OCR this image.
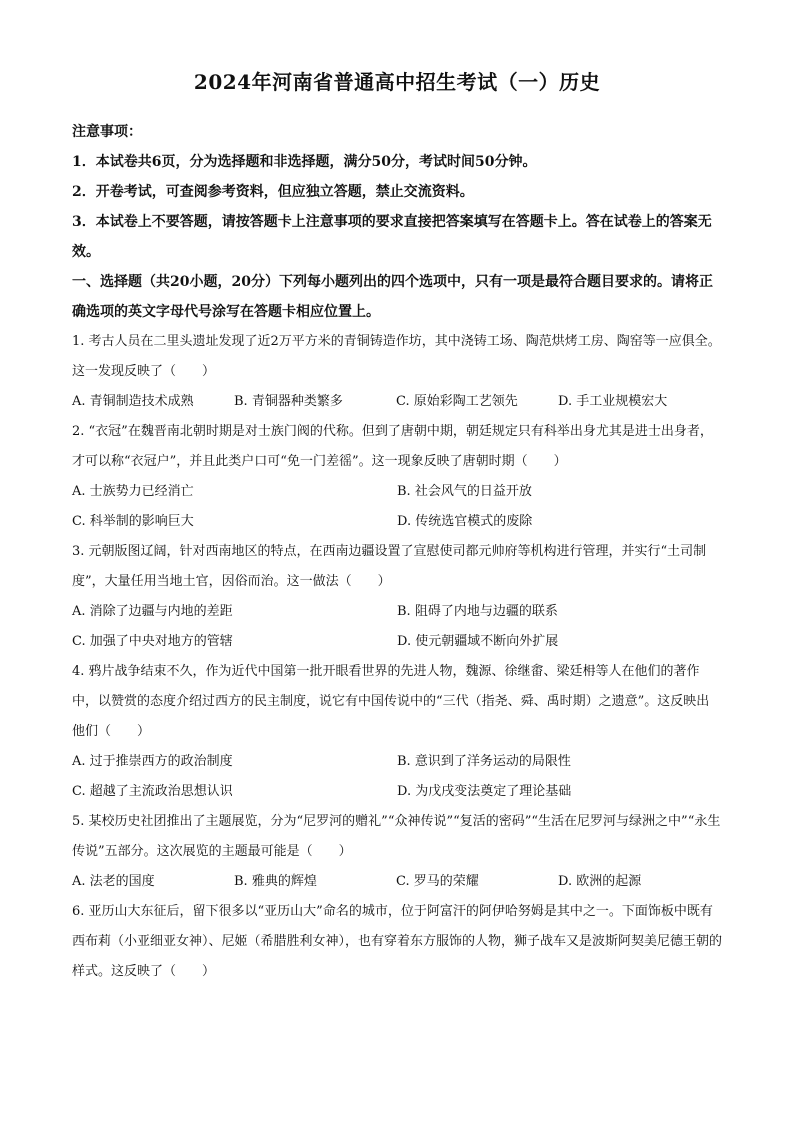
2024年河南省普通高中招生考试（一）历史

注意事项：

1．本试卷共6页，分为选择题和非选择题，满分50分，考试时间50分钟。

2．开卷考试，可查阅参考资料，但应独立答题，禁止交流资料。

3．本试卷上不要答题，请按答题卡上注意事项的要求直接把答案填写在答题卡上。答在试卷上的答案无效。

一、选择题（共20小题，20分）下列每小题列出的四个选项中，只有一项是最符合题目要求的。请将正确选项的英文字母代号涂写在答题卡相应位置上。

1. 考古人员在二里头遗址发现了近2万平方米的青铜铸造作坊，其中浇铸工场、陶范烘烤工房、陶窑等一应俱全。这一发现反映了（　　）

A. 青铜制造技术成熟	B. 青铜器种类繁多	C. 原始彩陶工艺领先	D. 手工业规模宏大

2. “衣冠”在魏晋南北朝时期是对士族门阀的代称。但到了唐朝中期，朝廷规定只有科举出身尤其是进士出身者，才可以称“衣冠户”，并且此类户口可“免一门差徭”。这一现象反映了唐朝时期（　　）

A. 士族势力已经消亡	B. 社会风气的日益开放
C. 科举制的影响巨大	D. 传统选官模式的废除

3. 元朝版图辽阔，针对西南地区的特点，在西南边疆设置了宣慰使司都元帅府等机构进行管理，并实行“土司制度”，大量任用当地土官，因俗而治。这一做法（　　）

A. 消除了边疆与内地的差距	B. 阻碍了内地与边疆的联系
C. 加强了中央对地方的管辖	D. 使元朝疆域不断向外扩展

4. 鸦片战争结束不久，作为近代中国第一批开眼看世界的先进人物，魏源、徐继畬、梁廷枏等人在他们的著作中，以赞赏的态度介绍过西方的民主制度，说它有中国传说中的“三代（指尧、舜、禹时期）之遗意”。这反映出他们（　　）

A. 过于推崇西方的政治制度	B. 意识到了洋务运动的局限性
C. 超越了主流政治思想认识	D. 为戊戌变法奠定了理论基础

5. 某校历史社团推出了主题展览，分为“尼罗河的赠礼”“众神传说”“复活的密码”“生活在尼罗河与绿洲之中”“永生传说”五部分。这次展览的主题最可能是（　　）

A. 法老的国度	B. 雅典的辉煌	C. 罗马的荣耀	D. 欧洲的起源

6. 亚历山大东征后，留下很多以“亚历山大”命名的城市，位于阿富汗的阿伊哈努姆是其中之一。下面饰板中既有西布莉（小亚细亚女神）、尼姬（希腊胜利女神），也有穿着东方服饰的人物，狮子战车又是波斯阿契美尼德王朝的样式。这反映了（　　）
